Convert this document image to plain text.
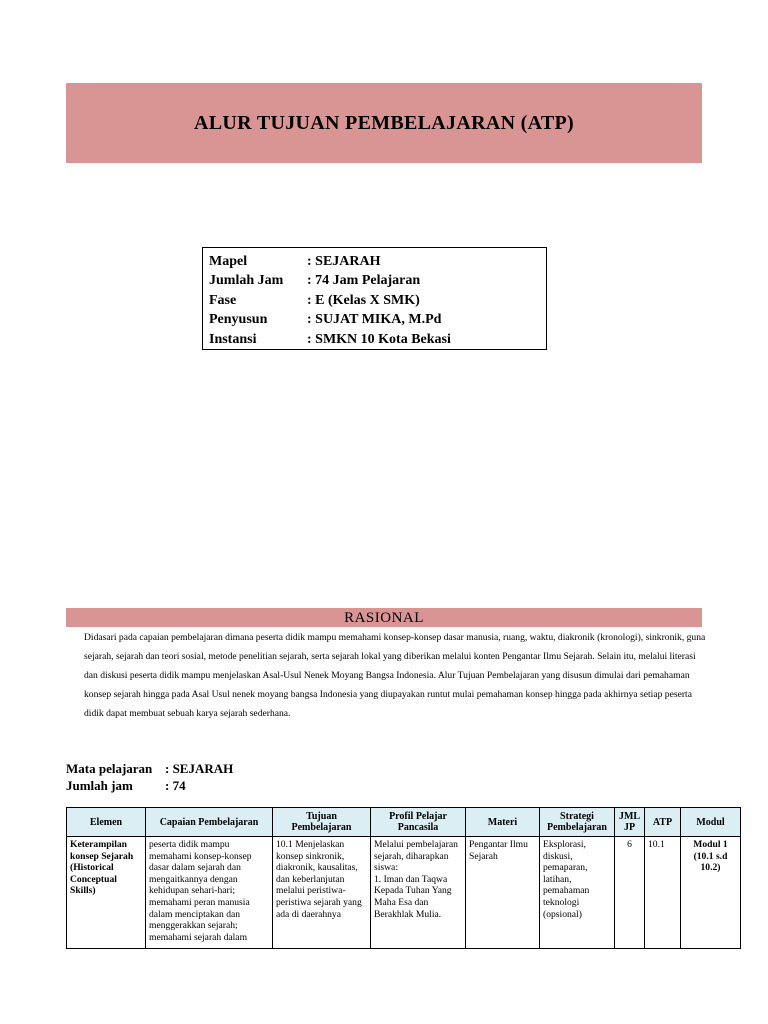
ALUR TUJUAN PEMBELAJARAN (ATP)
Mapel	: SEJARAH
Jumlah Jam	: 74 Jam Pelajaran
Fase	: E (Kelas X SMK)
Penyusun	: SUJAT MIKA, M.Pd
Instansi	: SMKN 10 Kota Bekasi
RASIONAL
Didasari pada capaian pembelajaran dimana peserta didik mampu memahami konsep-konsep dasar manusia, ruang, waktu, diakronik (kronologi), sinkronik, guna sejarah, sejarah dan teori sosial, metode penelitian sejarah, serta sejarah lokal yang diberikan melalui konten Pengantar Ilmu Sejarah. Selain itu, melalui literasi dan diskusi peserta didik mampu menjelaskan Asal-Usul Nenek Moyang Bangsa Indonesia. Alur Tujuan Pembelajaran yang disusun dimulai dari pemahaman konsep sejarah hingga pada Asal Usul nenek moyang bangsa Indonesia yang diupayakan runtut mulai pemahaman konsep hingga pada akhirnya setiap peserta didik dapat membuat sebuah karya sejarah sederhana.
Mata pelajaran : SEJARAH
Jumlah jam	: 74
Elemen	Capaian Pembelajaran	Tujuan Pembelajaran	Profil Pelajar Pancasila	Materi	Strategi Pembelajaran	JML JP	ATP	Modul
Keterampilan konsep Sejarah (Historical Conceptual Skills)	peserta didik mampu memahami konsep-konsep dasar dalam sejarah dan mengaitkannya dengan kehidupan sehari-hari; memahami peran manusia dalam menciptakan dan menggerakkan sejarah; memahami sejarah dalam	10.1 Menjelaskan konsep sinkronik, diakronik, kausalitas, dan keberlanjutan melalui peristiwa-peristiwa sejarah yang ada di daerahnya	Melalui pembelajaran sejarah, diharapkan siswa:
1. Iman dan Taqwa Kepada Tuhan Yang Maha Esa dan Berakhlak Mulia.	Pengantar Ilmu Sejarah	Eksplorasi, diskusi, pemaparan, latihan, pemahaman teknologi (opsional)	6	10.1	Modul 1 (10.1 s.d 10.2)
